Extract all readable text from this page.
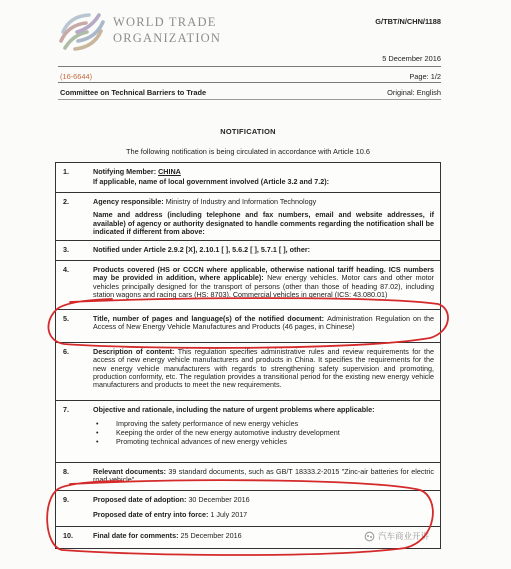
WORLD TRADE
ORGANIZATION
G/TBT/N/CHN/1188
5 December 2016
(16-6644)	Page: 1/2
Committee on Technical Barriers to Trade	Original: English
NOTIFICATION
The following notification is being circulated in accordance with Article 10.6
1.	Notifying Member: CHINA
If applicable, name of local government involved (Article 3.2 and 7.2):
2.	Agency responsible: Ministry of Industry and Information Technology
Name and address (including telephone and fax numbers, email and website addresses, if available) of agency or authority designated to handle comments regarding the notification shall be indicated if different from above:
3.	Notified under Article 2.9.2 [X], 2.10.1 [ ], 5.6.2 [ ], 5.7.1 [ ], other:
4.	Products covered (HS or CCCN where applicable, otherwise national tariff heading. ICS numbers may be provided in addition, where applicable): New energy vehicles. Motor cars and other motor vehicles principally designed for the transport of persons (other than those of heading 87.02), including station wagons and racing cars (HS: 8703). Commercial vehicles in general (ICS: 43.080.01)
5.	Title, number of pages and language(s) of the notified document: Administration Regulation on the Access of New Energy Vehicle Manufactures and Products (46 pages, in Chinese)
6.	Description of content: This regulation specifies administrative rules and review requirements for the access of new energy vehicle manufacturers and products in China. It specifies the requirements for the new energy vehicle manufacturers with regards to strengthening safety supervision and promoting, production conformity, etc. The regulation provides a transitional period for the existing new energy vehicle manufacturers and products to meet the new requirements.
7.	Objective and rationale, including the nature of urgent problems where applicable:
• Improving the safety performance of new energy vehicles
• Keeping the order of the new energy automotive industry development
• Promoting technical advances of new energy vehicles
8.	Relevant documents: 39 standard documents, such as GB/T 18333.2-2015 "Zinc-air batteries for electric road vehicle"
9.	Proposed date of adoption: 30 December 2016
Proposed date of entry into force: 1 July 2017
10.	Final date for comments: 25 December 2016	汽车商业开讲
